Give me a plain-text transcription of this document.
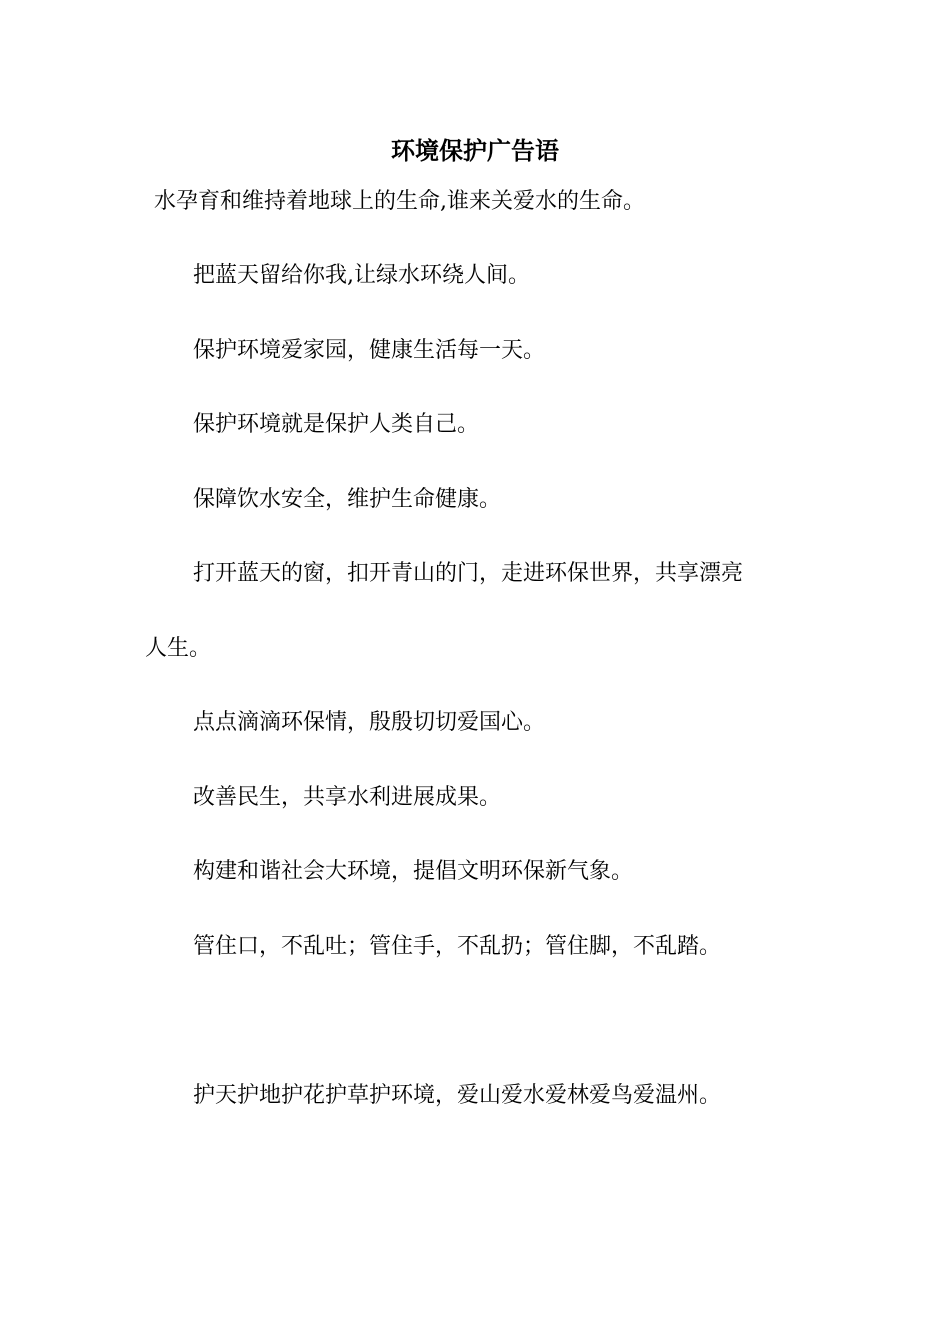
环境保护广告语
水孕育和维持着地球上的生命,谁来关爱水的生命。
把蓝天留给你我,让绿水环绕人间。
保护环境爱家园，健康生活每一天。
保护环境就是保护人类自己。
保障饮水安全，维护生命健康。
打开蓝天的窗，扣开青山的门，走进环保世界，共享漂亮
人生。
点点滴滴环保情，殷殷切切爱国心。
改善民生，共享水利进展成果。
构建和谐社会大环境，提倡文明环保新气象。
管住口，不乱吐；管住手，不乱扔；管住脚，不乱踏。
护天护地护花护草护环境，爱山爱水爱林爱鸟爱温州。
